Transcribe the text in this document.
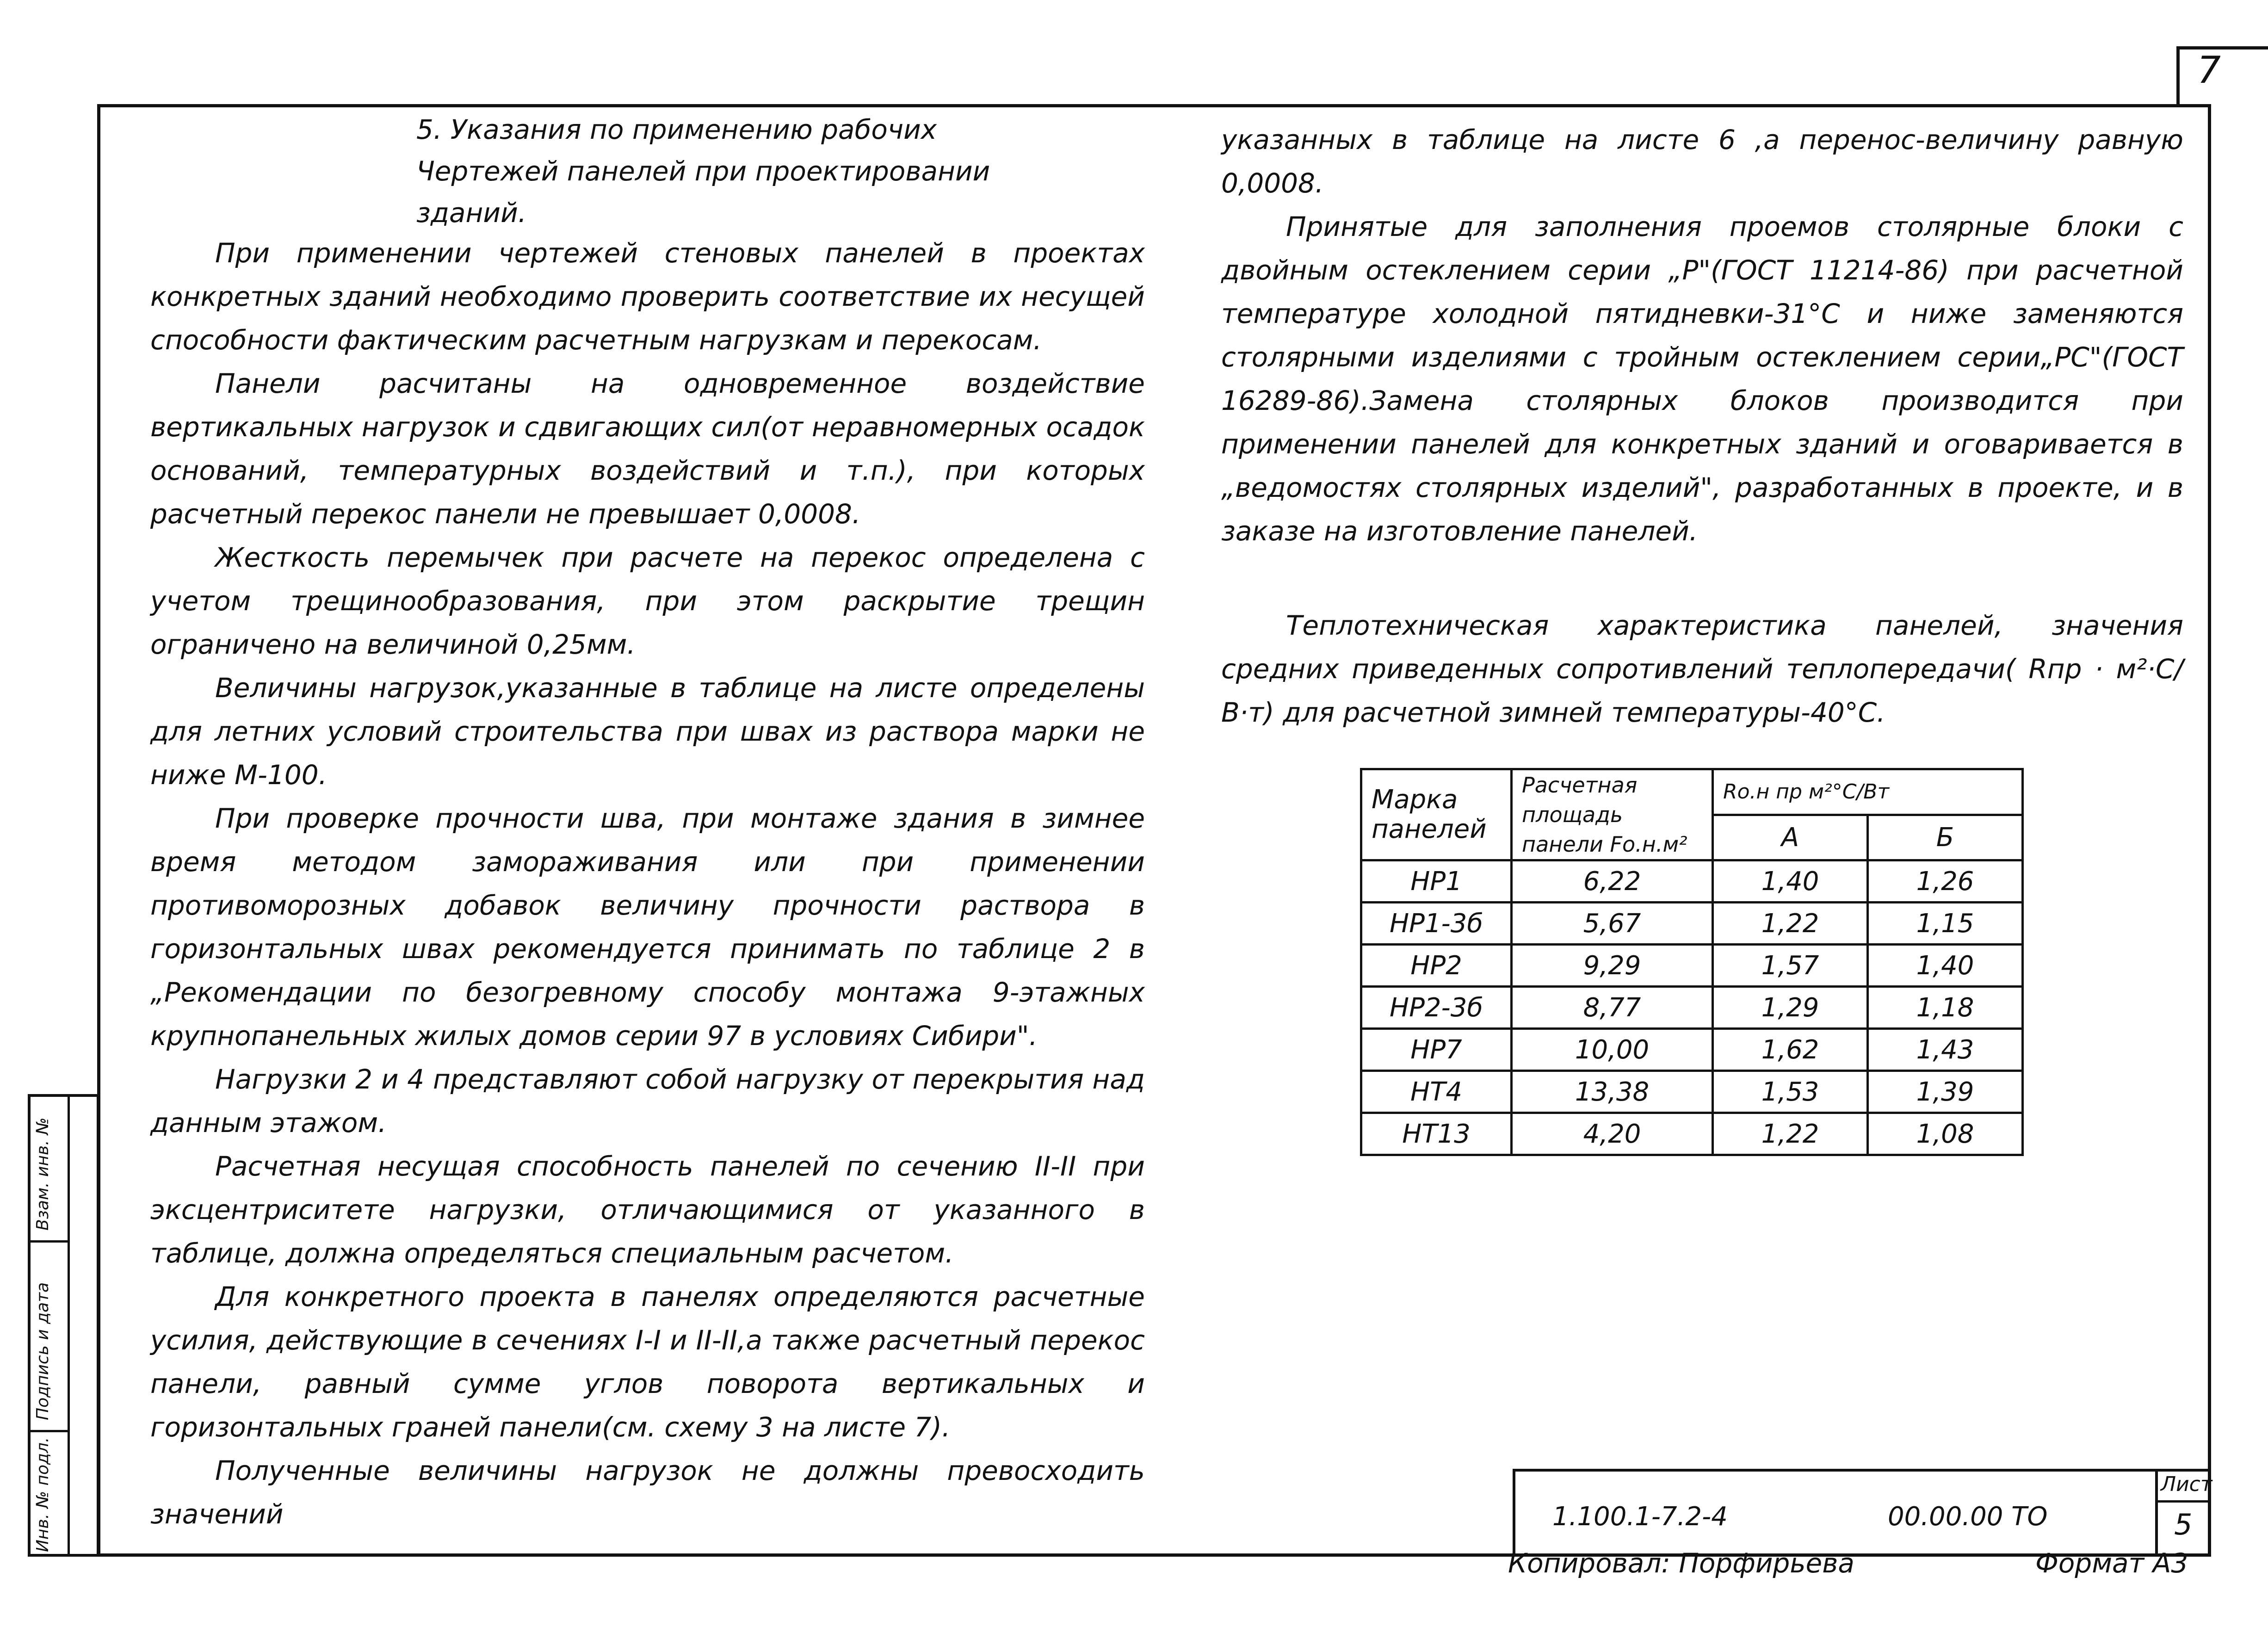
7
Инв. № подл.
Подпись и дата
Взам. инв. №
5. Указания по применению рабочих
Чертежей панелей при проектировании
зданий.

При применении чертежей стеновых панелей в проектах конкретных зданий необходимо проверить соответствие их несущей способности фактическим расчетным нагрузкам и перекосам.

Панели расчитаны на одновременное воздействие вертикальных нагрузок и сдвигающих сил(от неравномерных осадок оснований, температурных воздействий и т.п.), при которых расчетный перекос панели не превышает 0,0008.

Жесткость перемычек при расчете на перекос определена с учетом трещинообразования, при этом раскрытие трещин ограничено на величиной 0,25мм.

Величины нагрузок,указанные в таблице на листе определены для летних условий строительства при швах из раствора марки не ниже М-100.

При проверке прочности шва, при монтаже здания в зимнее время методом замораживания или при применении противоморозных добавок величину прочности раствора в горизонтальных швах рекомендуется принимать по таблице 2 в „Рекомендации по безогревному способу монтажа 9-этажных крупнопанельных жилых домов серии 97 в условиях Сибири".

Нагрузки 2 и 4 представляют собой нагрузку от перекрытия над данным этажом.

Расчетная несущая способность панелей по сечению II-II при эксцентриситете нагрузки, отличающимися от указанного в таблице, должна определяться специальным расчетом.

Для конкретного проекта в панелях определяются расчетные усилия, действующие в сечениях I-I и II-II,а также расчетный перекос панели, равный сумме углов поворота вертикальных и горизонтальных граней панели(см. схему 3 на листе 7).

Полученные величины нагрузок не должны превосходить значений

указанных в таблице на листе 6 ,а перенос-величину равную 0,0008.

Принятые для заполнения проемов столярные блоки с двойным остеклением серии „Р"(ГОСТ 11214-86) при расчетной температуре холодной пятидневки-31°С и ниже заменяются столярными изделиями с тройным остеклением серии„РС"(ГОСТ 16289-86).Замена столярных блоков производится при применении панелей для конкретных зданий и оговаривается в „ведомостях столярных изделий", разработанных в проекте, и в заказе на изготовление панелей.

Теплотехническая характеристика панелей, значения средних приведенных сопротивлений теплопередачи( Rпр · м²·С/В·т) для расчетной зимней температуры-40°С.

Марка панелей	Расчетная площадь панели Fо.н.м²	Rо.н пр м²°С/Вт	
		А	Б
НР1	6,22	1,40	1,26
НР1-3б	5,67	1,22	1,15
НР2	9,29	1,57	1,40
НР2-3б	8,77	1,29	1,18
НР7	10,00	1,62	1,43
НТ4	13,38	1,53	1,39
НТ13	4,20	1,22	1,08
1.100.1-7.2-4	00.00.00 ТО
Лист
5
Копировал: Порфирьева	Формат А3
